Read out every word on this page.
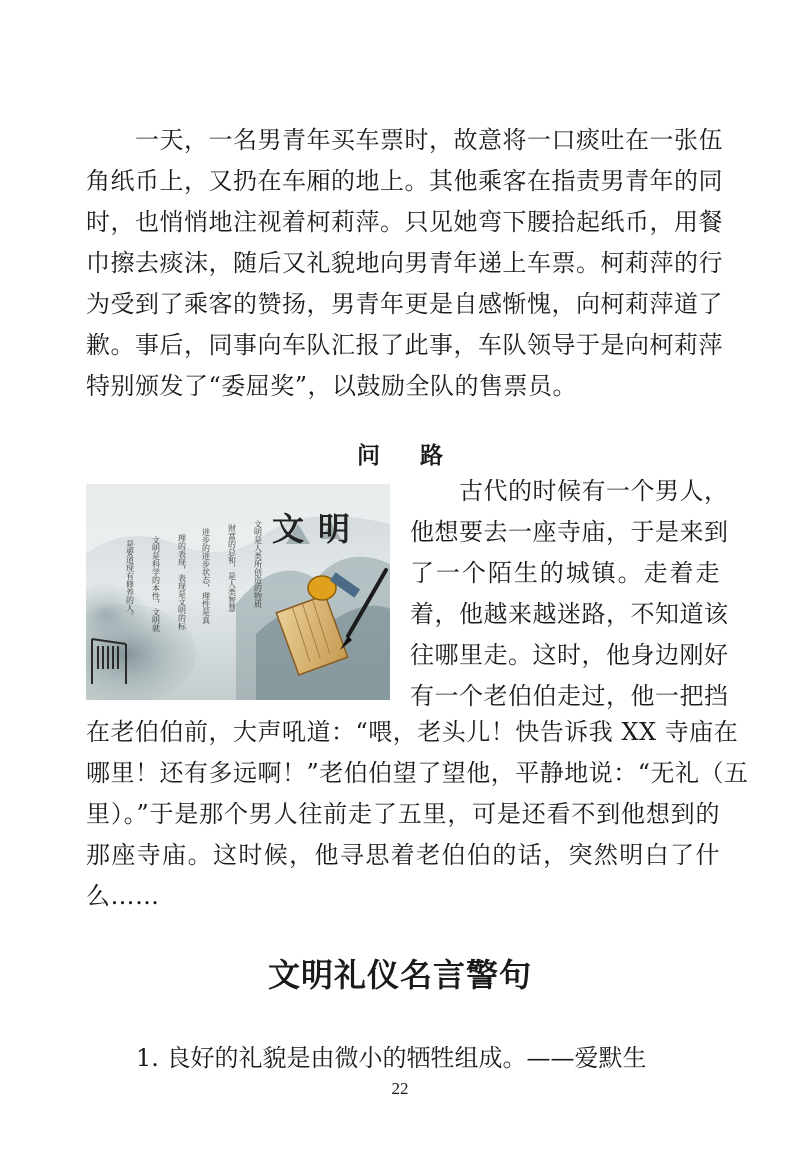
　　一天，一名男青年买车票时，故意将一口痰吐在一张伍
角纸币上，又扔在车厢的地上。其他乘客在指责男青年的同
时，也悄悄地注视着柯莉萍。只见她弯下腰拾起纸币，用餐
巾擦去痰沫，随后又礼貌地向男青年递上车票。柯莉萍的行
为受到了乘客的赞扬，男青年更是自感惭愧，向柯莉萍道了
歉。事后，同事向车队汇报了此事，车队领导于是向柯莉萍
特别颁发了“委屈奖”，以鼓励全队的售票员。
问 路
文明
文明是人类所创造的物质
财富的总和，是人类智慧
进步的进步状态，理性是真
理的表现，表现是文明的标
文明是科学的本性，文明就
是要道现有修养的人。
　　古代的时候有一个男人，
他想要去一座寺庙，于是来到
了一个陌生的城镇。走着走
着，他越来越迷路，不知道该
往哪里走。这时，他身边刚好
有一个老伯伯走过，他一把挡
在老伯伯前，大声吼道：“喂，老头儿！快告诉我 XX 寺庙在
哪里！还有多远啊！”老伯伯望了望他，平静地说：“无礼（五
里）。”于是那个男人往前走了五里，可是还看不到他想到的
那座寺庙。这时候，他寻思着老伯伯的话，突然明白了什
么……
文明礼仪名言警句
1. 良好的礼貌是由微小的牺牲组成。——爱默生
22
